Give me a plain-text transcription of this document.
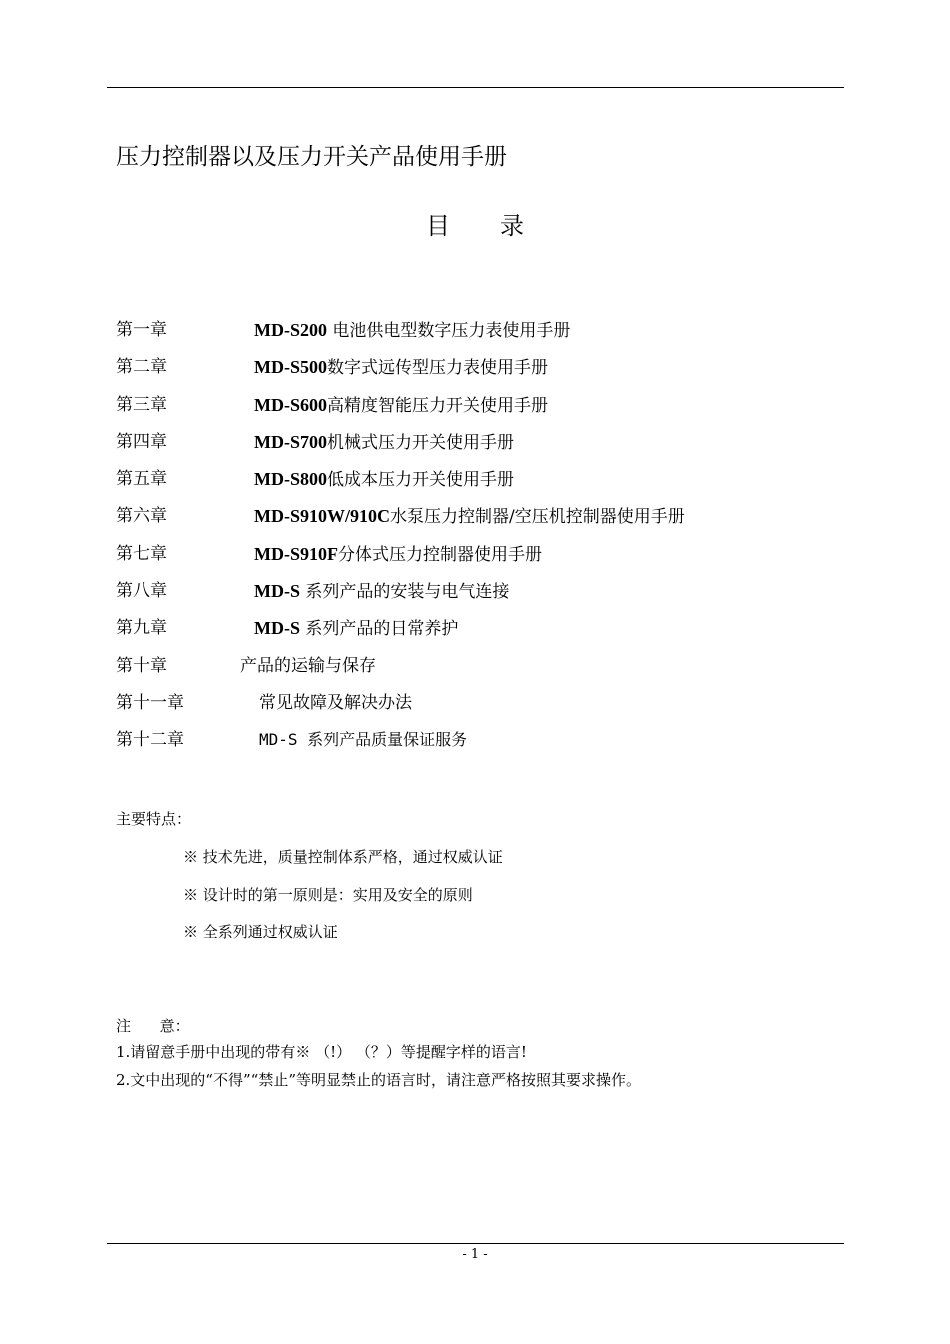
压力控制器以及压力开关产品使用手册
目 录
第一章	MD-S200 电池供电型数字压力表使用手册
第二章	MD-S500数字式远传型压力表使用手册
第三章	MD-S600高精度智能压力开关使用手册
第四章	MD-S700机械式压力开关使用手册
第五章	MD-S800低成本压力开关使用手册
第六章	MD-S910W/910C水泵压力控制器/空压机控制器使用手册
第七章	MD-S910F分体式压力控制器使用手册
第八章	MD-S 系列产品的安装与电气连接
第九章	MD-S 系列产品的日常养护
第十章	产品的运输与保存
第十一章	常见故障及解决办法
第十二章	MD-S 系列产品质量保证服务
主要特点：
※ 技术先进，质量控制体系严格，通过权威认证
※ 设计时的第一原则是：实用及安全的原则
※ 全系列通过权威认证
注      意：
1.请留意手册中出现的带有※ （!） （？）等提醒字样的语言!
2.文中出现的“不得”“禁止”等明显禁止的语言时，请注意严格按照其要求操作。
- 1 -
